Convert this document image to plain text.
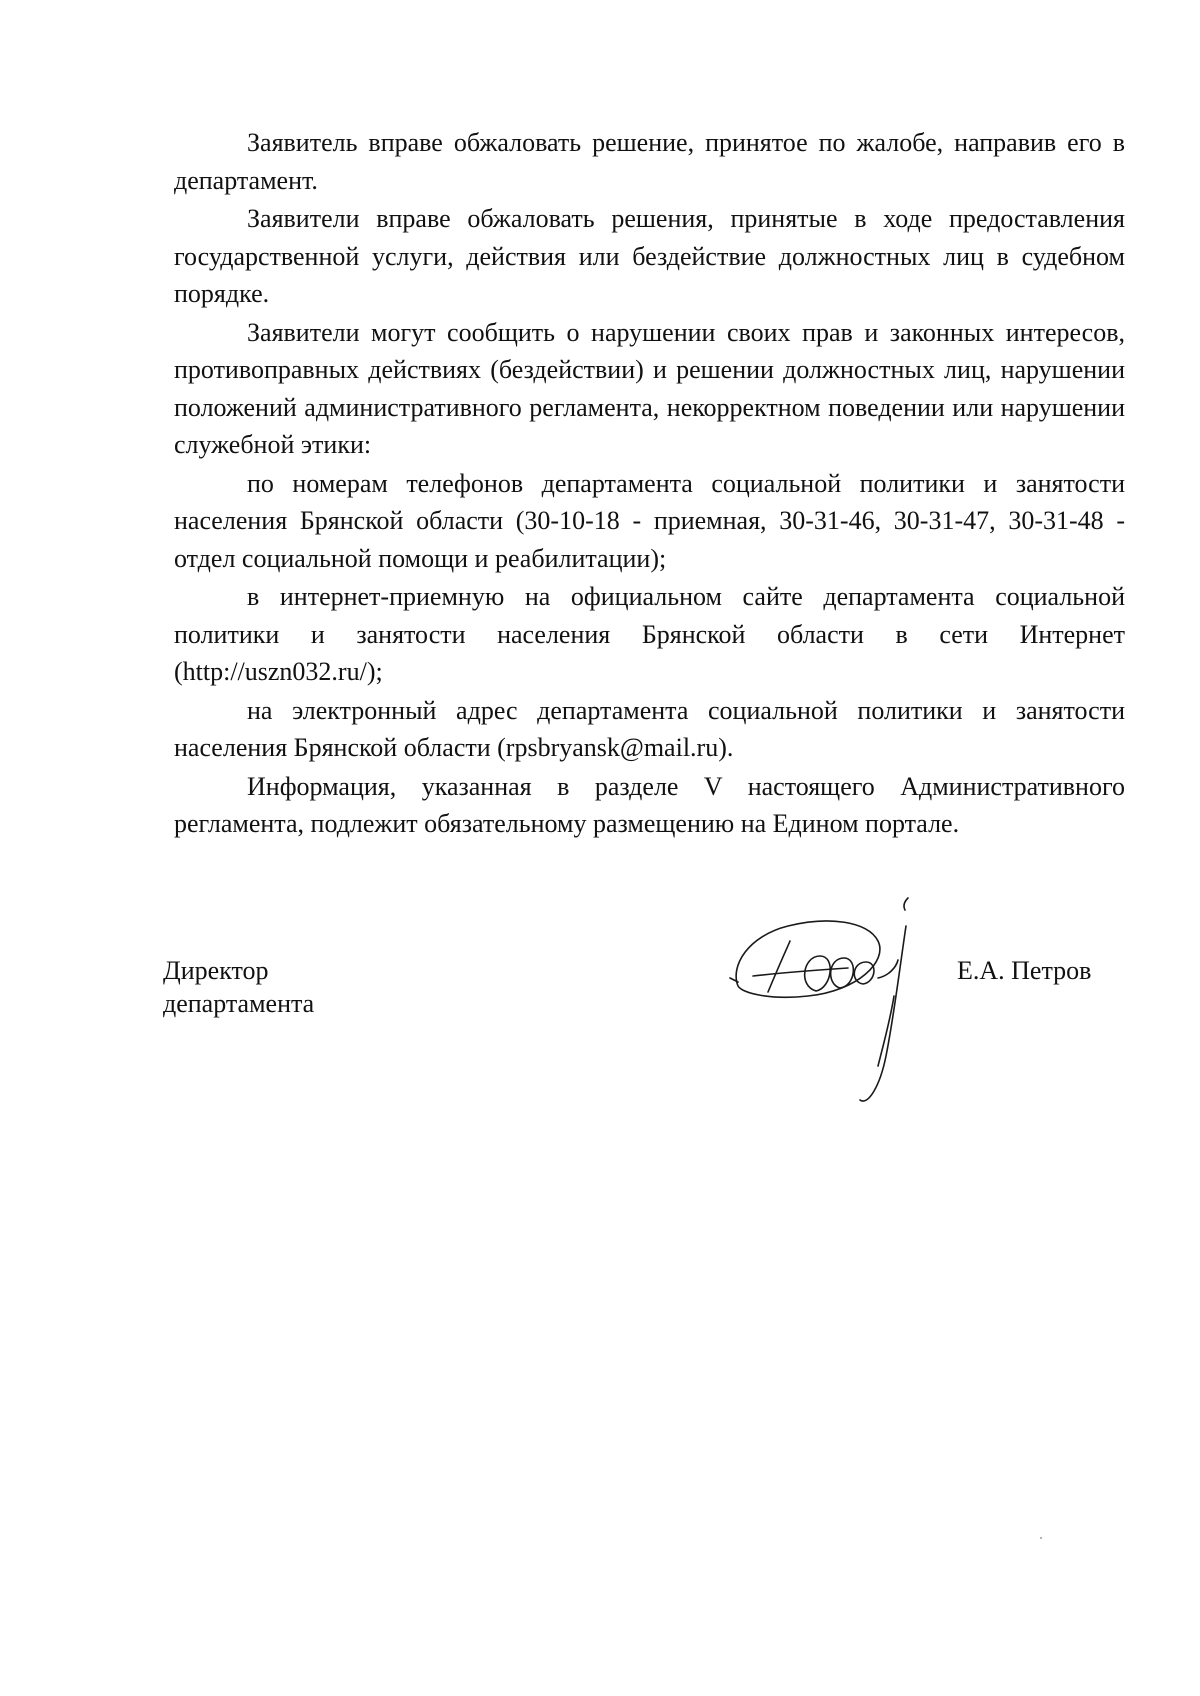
Заявитель вправе обжаловать решение, принятое по жалобе, направив его в департамент.

Заявители вправе обжаловать решения, принятые в ходе предоставления государственной услуги, действия или бездействие должностных лиц в судебном порядке.

Заявители могут сообщить о нарушении своих прав и законных интересов, противоправных действиях (бездействии) и решении должностных лиц, нарушении положений административного регламента, некорректном поведении или нарушении служебной этики:

по номерам телефонов департамента социальной политики и занятости населения Брянской области (30-10-18 - приемная, 30-31-46, 30-31-47, 30-31-48 - отдел социальной помощи и реабилитации);

в интернет-приемную на официальном сайте департамента социальной политики и занятости населения Брянской области в сети Интернет (http://uszn032.ru/);

на электронный адрес департамента социальной политики и занятости населения Брянской области (rpsbryansk@mail.ru).

Информация, указанная в разделе V настоящего Административного регламента, подлежит обязательному размещению на Едином портале.

Директор
департамента
Е.А. Петров
